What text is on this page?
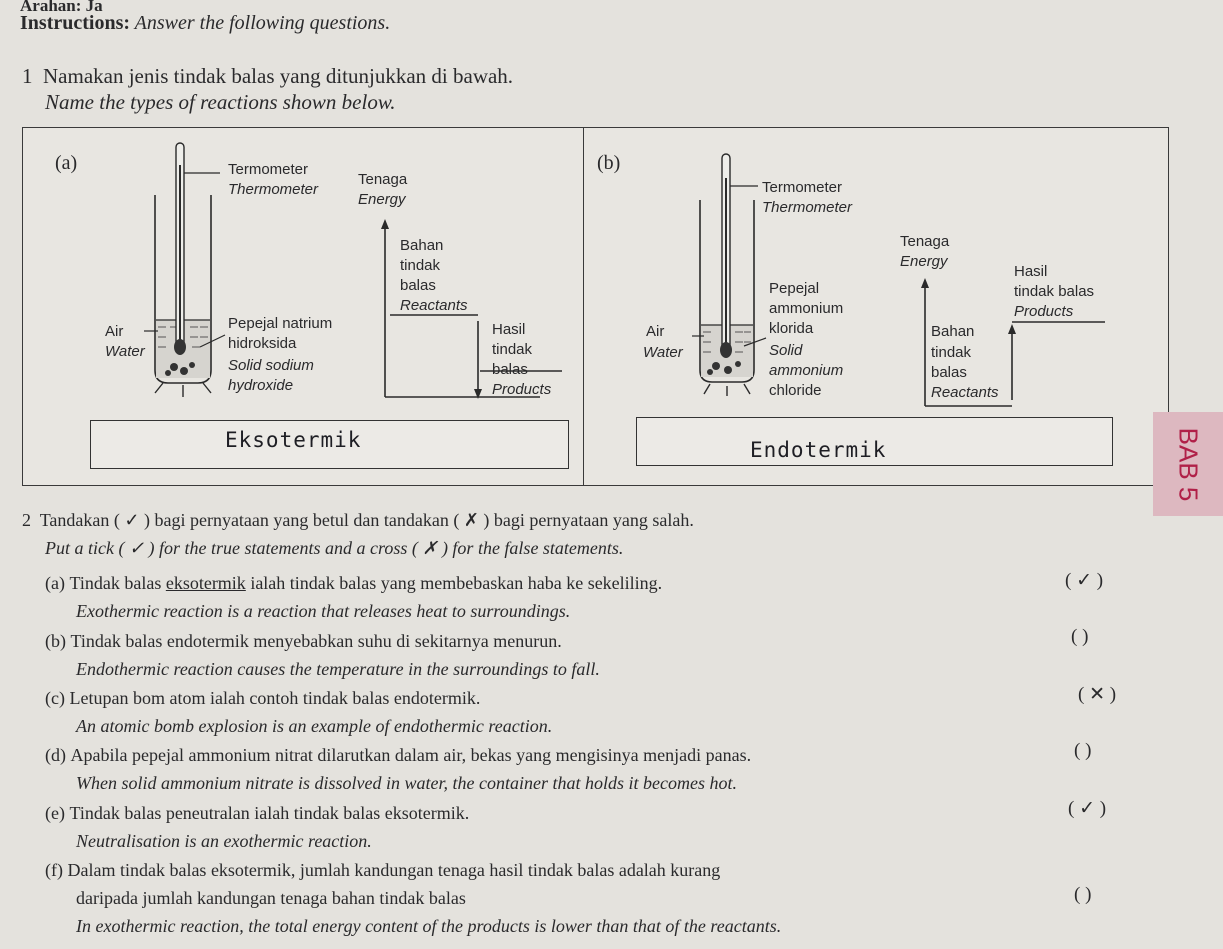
Arahan: Ja
Instructions: Answer the following questions.
1 Namakan jenis tindak balas yang ditunjukkan di bawah.
Name the types of reactions shown below.
(a)	Termometer
Thermometer
Tenaga
Energy
Bahan
tindak
balas
Reactants
Hasil
tindak
balas
Products
Air
Water
Pepejal natrium
hidroksida
Solid sodium
hydroxide
Eksotermik
(b)
Termometer
Thermometer
Tenaga
Energy
Hasil
tindak balas
Products
Bahan
tindak
balas
Reactants
Pepejal
ammonium
klorida
Solid
ammonium
chloride
Air
Water
Endotermik	BAB 5
2 Tandakan ( ✓ ) bagi pernyataan yang betul dan tandakan ( ✗ ) bagi pernyataan yang salah.
Put a tick ( ✓ ) for the true statements and a cross ( ✗ ) for the false statements.
(a) Tindak balas eksotermik ialah tindak balas yang membebaskan haba ke sekeliling.
Exothermic reaction is a reaction that releases heat to surroundings.
( ✓ )
(b) Tindak balas endotermik menyebabkan suhu di sekitarnya menurun.
Endothermic reaction causes the temperature in the surroundings to fall.
( )
(c) Letupan bom atom ialah contoh tindak balas endotermik.
An atomic bomb explosion is an example of endothermic reaction.
( ✕ )
(d) Apabila pepejal ammonium nitrat dilarutkan dalam air, bekas yang mengisinya menjadi panas.
When solid ammonium nitrate is dissolved in water, the container that holds it becomes hot.
( )
(e) Tindak balas peneutralan ialah tindak balas eksotermik.
Neutralisation is an exothermic reaction.
( ✓ )
(f) Dalam tindak balas eksotermik, jumlah kandungan tenaga hasil tindak balas adalah kurang
daripada jumlah kandungan tenaga bahan tindak balas
In exothermic reaction, the total energy content of the products is lower than that of the reactants.
( )
